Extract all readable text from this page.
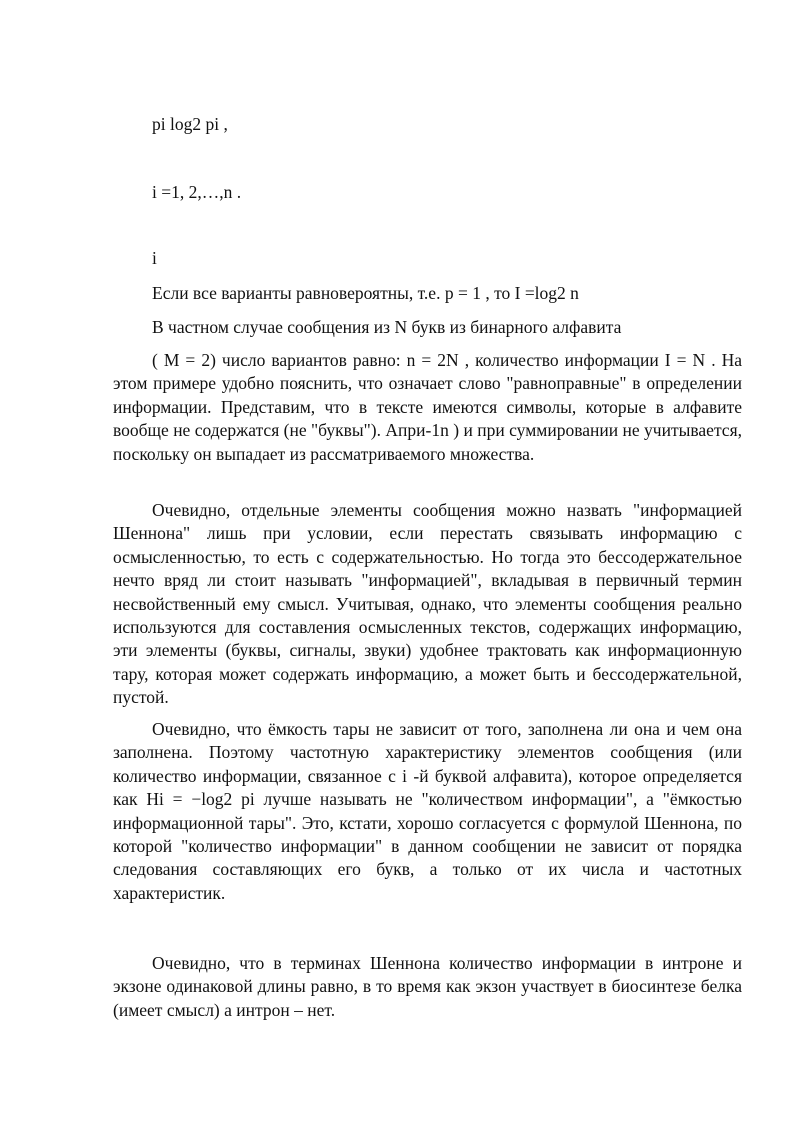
pi log2 pi ,
i =1, 2,…,n .
i
Если все варианты равновероятны, т.е. p = 1 , то I =log2 n
В частном случае сообщения из N букв из бинарного алфавита

( M = 2) число вариантов равно: n = 2N , количество информации I = N . На этом примере удобно пояснить, что означает слово "равноправные" в определении информации. Представим, что в тексте имеются символы, которые в алфавите вообще не содержатся (не "буквы"). Апри-1n ) и при суммировании не учитывается, поскольку он выпадает из рассматриваемого множества.

Очевидно, отдельные элементы сообщения можно назвать "информацией Шеннона" лишь при условии, если перестать связывать информацию с осмысленностью, то есть с содержательностью. Но тогда это бессодержательное нечто вряд ли стоит называть "информацией", вкладывая в первичный термин несвойственный ему смысл. Учитывая, однако, что элементы сообщения реально используются для составления осмысленных текстов, содержащих информацию, эти элементы (буквы, сигналы, звуки) удобнее трактовать как информационную тару, которая может содержать информацию, а может быть и бессодержательной, пустой.

Очевидно, что ёмкость тары не зависит от того, заполнена ли она и чем она заполнена. Поэтому частотную характеристику элементов сообщения (или количество информации, связанное с i -й буквой алфавита), которое определяется как Hi = −log2 pi лучше называть не "количеством информации", а "ёмкостью информационной тары". Это, кстати, хорошо согласуется с формулой Шеннона, по которой "количество информации" в данном сообщении не зависит от порядка следования составляющих его букв, а только от их числа и частотных характеристик.

Очевидно, что в терминах Шеннона количество информации в интроне и экзоне одинаковой длины равно, в то время как экзон участвует в биосинтезе белка (имеет смысл) а интрон – нет.
